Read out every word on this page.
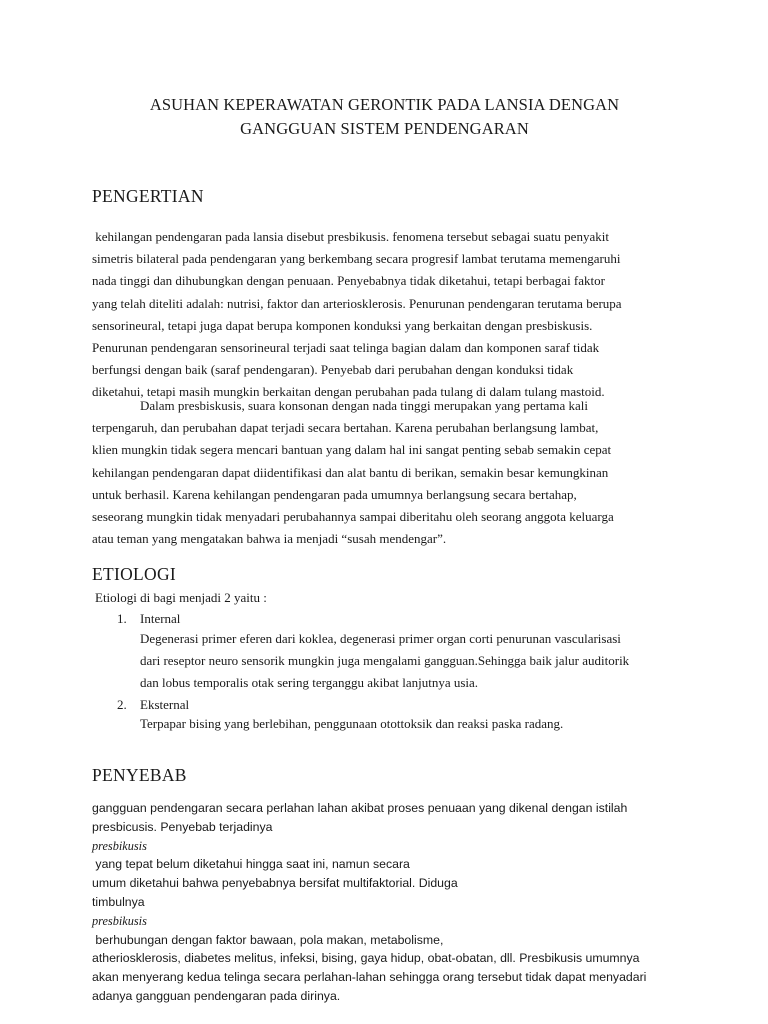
ASUHAN KEPERAWATAN GERONTIK PADA LANSIA DENGAN
GANGGUAN SISTEM PENDENGARAN
PENGERTIAN
kehilangan pendengaran pada lansia disebut presbikusis. fenomena tersebut sebagai suatu penyakit
simetris bilateral pada pendengaran yang berkembang secara progresif lambat terutama memengaruhi
nada tinggi dan dihubungkan dengan penuaan. Penyebabnya tidak diketahui, tetapi berbagai faktor
yang telah diteliti adalah: nutrisi, faktor dan arteriosklerosis. Penurunan pendengaran terutama berupa
sensorineural, tetapi juga dapat berupa komponen konduksi yang berkaitan dengan presbiskusis.
Penurunan pendengaran sensorineural terjadi saat telinga bagian dalam dan komponen saraf tidak
berfungsi dengan baik (saraf pendengaran). Penyebab dari perubahan dengan konduksi tidak
diketahui, tetapi masih mungkin berkaitan dengan perubahan pada tulang di dalam tulang mastoid.
Dalam presbiskusis, suara konsonan dengan nada tinggi merupakan yang pertama kali
terpengaruh, dan perubahan dapat terjadi secara bertahan. Karena perubahan berlangsung lambat,
klien mungkin tidak segera mencari bantuan yang dalam hal ini sangat penting sebab semakin cepat
kehilangan pendengaran dapat diidentifikasi dan alat bantu di berikan, semakin besar kemungkinan
untuk berhasil. Karena kehilangan pendengaran pada umumnya berlangsung secara bertahap,
seseorang mungkin tidak menyadari perubahannya sampai diberitahu oleh seorang anggota keluarga
atau teman yang mengatakan bahwa ia menjadi “susah mendengar”.
ETIOLOGI
Etiologi di bagi menjadi 2 yaitu :
1. Internal
Degenerasi primer eferen dari koklea, degenerasi primer organ corti penurunan vascularisasi
dari reseptor neuro sensorik mungkin juga mengalami gangguan.Sehingga baik jalur auditorik
dan lobus temporalis otak sering terganggu akibat lanjutnya usia.
2. Eksternal
Terpapar bising yang berlebihan, penggunaan otottoksik dan reaksi paska radang.
PENYEBAB
gangguan pendengaran secara perlahan lahan akibat proses penuaan yang dikenal dengan istilah
presbicusis. Penyebab terjadinya
presbikusis
yang tepat belum diketahui hingga saat ini, namun secara
umum diketahui bahwa penyebabnya bersifat multifaktorial. Diduga
timbulnya
presbikusis
berhubungan dengan faktor bawaan, pola makan, metabolisme,
atheriosklerosis, diabetes melitus, infeksi, bising, gaya hidup, obat-obatan, dll. Presbikusis umumnya
akan menyerang kedua telinga secara perlahan-lahan sehingga orang tersebut tidak dapat menyadari
adanya gangguan pendengaran pada dirinya.
